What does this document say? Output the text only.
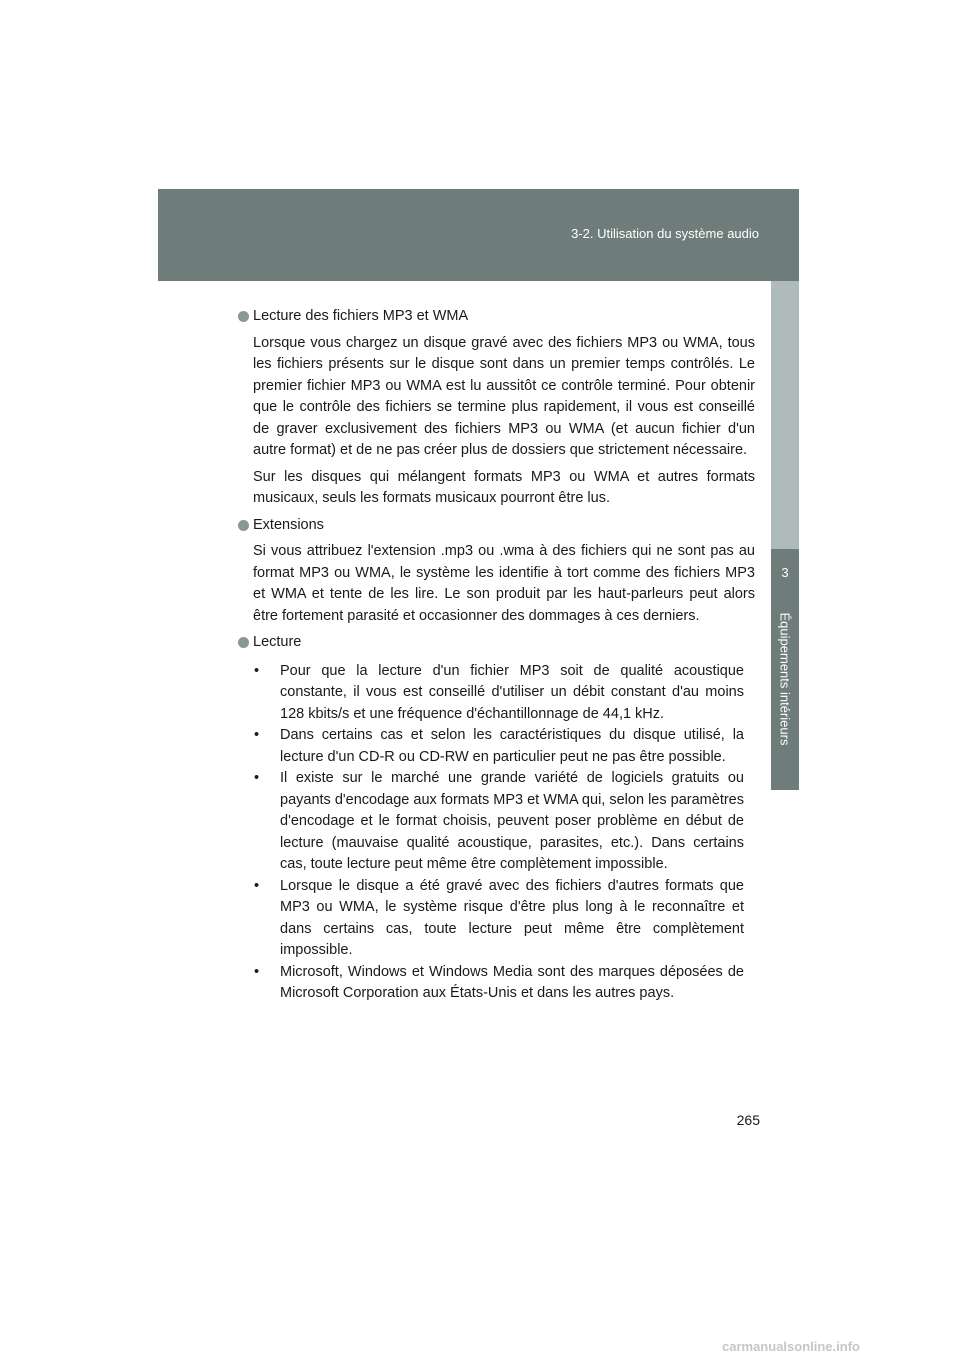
3-2. Utilisation du système audio
3
Équipements intérieurs
Lecture des fichiers MP3 et WMA

Lorsque vous chargez un disque gravé avec des fichiers MP3 ou WMA, tous les fichiers présents sur le disque sont dans un premier temps contrôlés. Le premier fichier MP3 ou WMA est lu aussitôt ce contrôle terminé. Pour obtenir que le contrôle des fichiers se termine plus rapidement, il vous est conseillé de graver exclusivement des fichiers MP3 ou WMA (et aucun fichier d'un autre format) et de ne pas créer plus de dossiers que strictement nécessaire.

Sur les disques qui mélangent formats MP3 ou WMA et autres formats musicaux, seuls les formats musicaux pourront être lus.

Extensions

Si vous attribuez l'extension .mp3 ou .wma à des fichiers qui ne sont pas au format MP3 ou WMA, le système les identifie à tort comme des fichiers MP3 et WMA et tente de les lire. Le son produit par les haut-parleurs peut alors être fortement parasité et occasionner des dommages à ces derniers.

Lecture
• Pour que la lecture d'un fichier MP3 soit de qualité acoustique constante, il vous est conseillé d'utiliser un débit constant d'au moins 128 kbits/s et une fréquence d'échantillonnage de 44,1 kHz.
• Dans certains cas et selon les caractéristiques du disque utilisé, la lecture d'un CD-R ou CD-RW en particulier peut ne pas être possible.
• Il existe sur le marché une grande variété de logiciels gratuits ou payants d'encodage aux formats MP3 et WMA qui, selon les paramètres d'encodage et le format choisis, peuvent poser problème en début de lecture (mauvaise qualité acoustique, parasites, etc.). Dans certains cas, toute lecture peut même être complètement impossible.
• Lorsque le disque a été gravé avec des fichiers d'autres formats que MP3 ou WMA, le système risque d'être plus long à le reconnaître et dans certains cas, toute lecture peut même être complètement impossible.
• Microsoft, Windows et Windows Media sont des marques déposées de Microsoft Corporation aux États-Unis et dans les autres pays.
265
carmanualsonline.info
